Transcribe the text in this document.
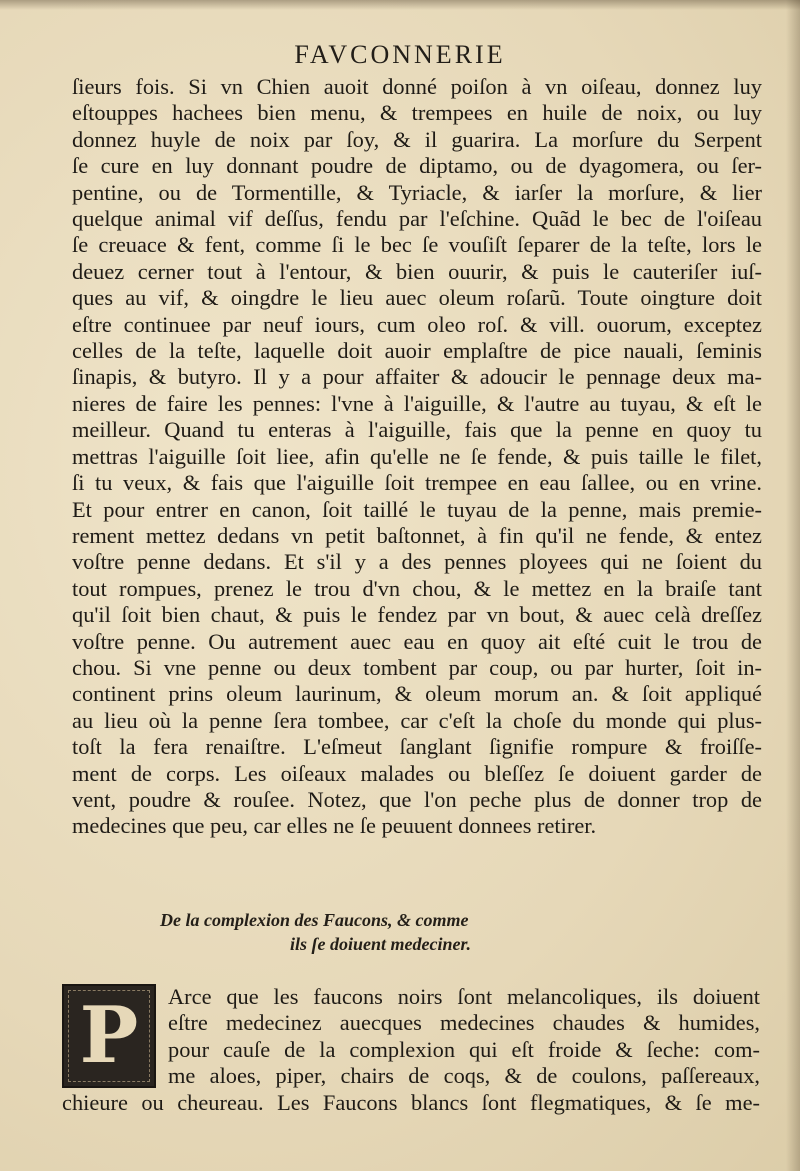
FAVCONNERIE
ſieurs fois. Si vn Chien auoit donné poiſon à vn oiſeau, donnez luy
eſtouppes hachees bien menu, & trempees en huile de noix, ou luy
donnez huyle de noix par ſoy, & il guarira. La morſure du Serpent
ſe cure en luy donnant poudre de diptamo, ou de dyagomera, ou ſer-
pentine, ou de Tormentille, & Tyriacle, & iarſer la morſure, & lier
quelque animal vif deſſus, fendu par l'eſchine. Quãd le bec de l'oiſeau
ſe creuace & fent, comme ſi le bec ſe vouſiſt ſeparer de la teſte, lors le
deuez cerner tout à l'entour, & bien ouurir, & puis le cauteriſer iuſ-
ques au vif, & oingdre le lieu auec oleum roſarũ. Toute oingture doit
eſtre continuee par neuf iours, cum oleo roſ. & vill. ouorum, exceptez
celles de la teſte, laquelle doit auoir emplaſtre de pice nauali, ſeminis
ſinapis, & butyro. Il y a pour affaiter & adoucir le pennage deux ma-
nieres de faire les pennes: l'vne à l'aiguille, & l'autre au tuyau, & eſt le
meilleur. Quand tu enteras à l'aiguille, fais que la penne en quoy tu
mettras l'aiguille ſoit liee, afin qu'elle ne ſe fende, & puis taille le filet,
ſi tu veux, & fais que l'aiguille ſoit trempee en eau ſallee, ou en vrine.
Et pour entrer en canon, ſoit taillé le tuyau de la penne, mais premie-
rement mettez dedans vn petit baſtonnet, à fin qu'il ne fende, & entez
voſtre penne dedans. Et s'il y a des pennes ployees qui ne ſoient du
tout rompues, prenez le trou d'vn chou, & le mettez en la braiſe tant
qu'il ſoit bien chaut, & puis le fendez par vn bout, & auec celà dreſſez
voſtre penne. Ou autrement auec eau en quoy ait eſté cuit le trou de
chou. Si vne penne ou deux tombent par coup, ou par hurter, ſoit in-
continent prins oleum laurinum, & oleum morum an. & ſoit appliqué
au lieu où la penne ſera tombee, car c'eſt la choſe du monde qui plus-
toſt la fera renaiſtre. L'eſmeut ſanglant ſignifie rompure & froiſſe-
ment de corps. Les oiſeaux malades ou bleſſez ſe doiuent garder de
vent, poudre & rouſee. Notez, que l'on peche plus de donner trop de
medecines que peu, car elles ne ſe peuuent donnees retirer.
De la complexion des Faucons, & comme
ils ſe doiuent medeciner.
P	Arce que les faucons noirs ſont melancoliques, ils doiuent
eſtre medecinez auecques medecines chaudes & humides,
pour cauſe de la complexion qui eſt froide & ſeche: com-
me aloes, piper, chairs de coqs, & de coulons, paſſereaux,
chieure ou cheureau. Les Faucons blancs ſont flegmatiques, & ſe me-
